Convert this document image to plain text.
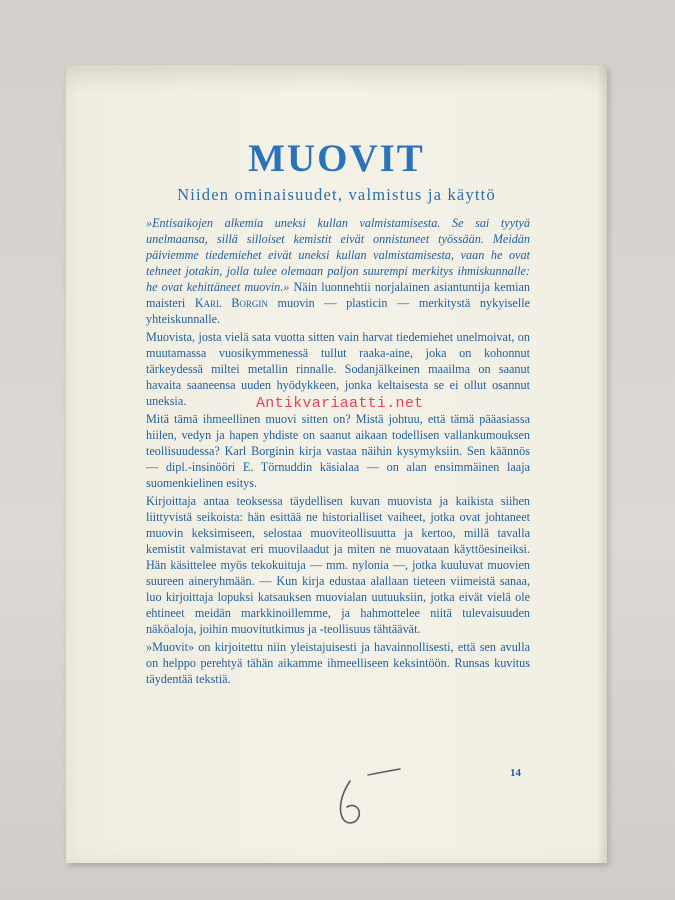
MUOVIT
Niiden ominaisuudet, valmistus ja käyttö

»Entisaikojen alkemia uneksi kullan valmistamisesta. Se sai tyytyä unelmaansa, sillä silloiset kemistit eivät onnistuneet työssään. Meidän päiviemme tiedemiehet eivät uneksi kullan valmistamisesta, vaan he ovat tehneet jotakin, jolla tulee olemaan paljon suurempi merkitys ihmiskunnalle: he ovat kehittäneet muovin.» Näin luonnehtii norjalainen asiantuntija kemian maisteri Karl Borgin muovin — plasticin — merkitystä nykyiselle yhteiskunnalle.

Muovista, josta vielä sata vuotta sitten vain harvat tiedemiehet unelmoivat, on muutamassa vuosikymmenessä tullut raaka-aine, joka on kohonnut tärkeydessä miltei metallin rinnalle. Sodanjälkeinen maailma on saanut havaita saaneensa uuden hyödykkeen, jonka keltaisesta se ei ollut osannut uneksia.

Mitä tämä ihmeellinen muovi sitten on? Mistä johtuu, että tämä pääasiassa hiilen, vedyn ja hapen yhdiste on saanut aikaan todellisen vallankumouksen teollisuudessa? Karl Borginin kirja vastaa näihin kysymyksiin. Sen käännös — dipl.-insinööri E. Törnuddin käsialaa — on alan ensimmäinen laaja suomenkielinen esitys.

Kirjoittaja antaa teoksessa täydellisen kuvan muovista ja kaikista siihen liittyvistä seikoista: hän esittää ne historialliset vaiheet, jotka ovat johtaneet muovin keksimiseen, selostaa muoviteollisuutta ja kertoo, millä tavalla kemistit valmistavat eri muovilaadut ja miten ne muovataan käyttöesineiksi. Hän käsittelee myös tekokuituja — mm. nylonia —, jotka kuuluvat muovien suureen aineryhmään. — Kun kirja edustaa alallaan tieteen viimeistä sanaa, luo kirjoittaja lopuksi katsauksen muovialan uutuuksiin, jotka eivät vielä ole ehtineet meidän markkinoillemme, ja hahmottelee niitä tulevaisuuden näköaloja, joihin muovitutkimus ja -teollisuus tähtäävät.

»Muovit» on kirjoitettu niin yleistajuisesti ja havainnollisesti, että sen avulla on helppo perehtyä tähän aikamme ihmeelliseen keksintöön. Runsas kuvitus täydentää tekstiä.

14
Antikvariaatti.net
